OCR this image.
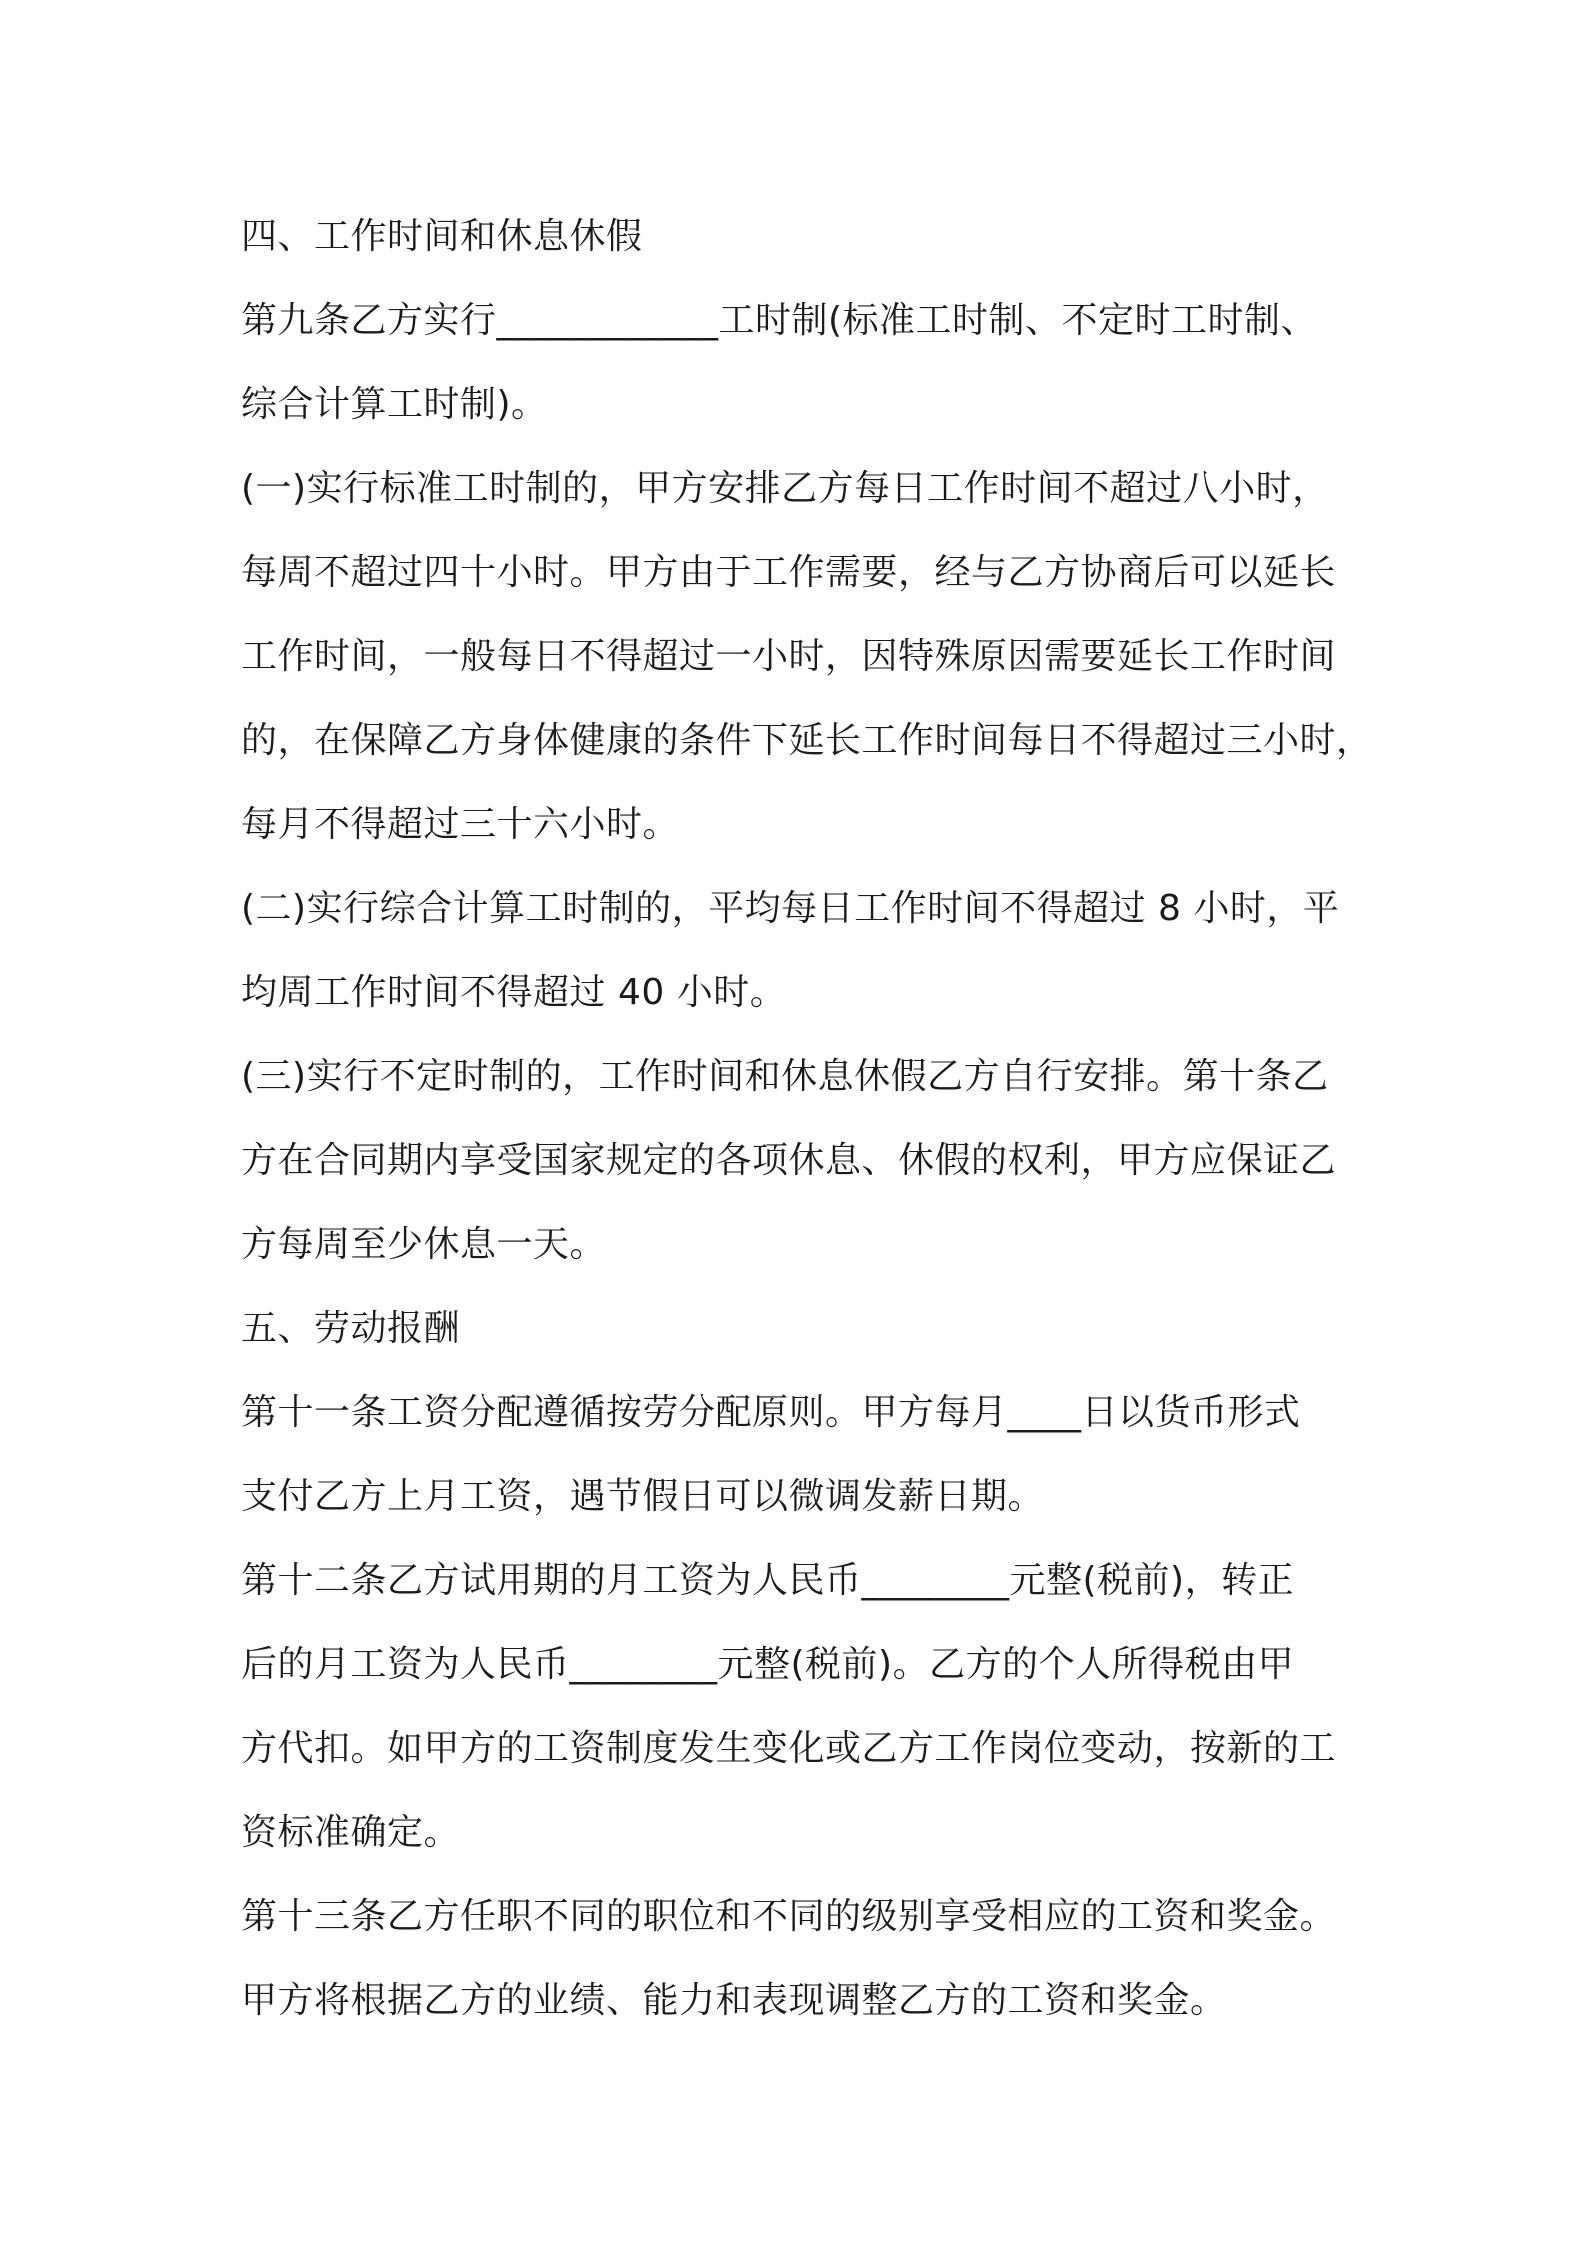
四、工作时间和休息休假
第九条乙方实行____________工时制(标准工时制、不定时工时制、
综合计算工时制)。
(一)实行标准工时制的，甲方安排乙方每日工作时间不超过八小时，
每周不超过四十小时。甲方由于工作需要，经与乙方协商后可以延长
工作时间，一般每日不得超过一小时，因特殊原因需要延长工作时间
的，在保障乙方身体健康的条件下延长工作时间每日不得超过三小时，
每月不得超过三十六小时。
(二)实行综合计算工时制的，平均每日工作时间不得超过 8 小时，平
均周工作时间不得超过 40 小时。
(三)实行不定时制的，工作时间和休息休假乙方自行安排。第十条乙
方在合同期内享受国家规定的各项休息、休假的权利，甲方应保证乙
方每周至少休息一天。
五、劳动报酬
第十一条工资分配遵循按劳分配原则。甲方每月____日以货币形式
支付乙方上月工资，遇节假日可以微调发薪日期。
第十二条乙方试用期的月工资为人民币________元整(税前)，转正
后的月工资为人民币________元整(税前)。乙方的个人所得税由甲
方代扣。如甲方的工资制度发生变化或乙方工作岗位变动，按新的工
资标准确定。
第十三条乙方任职不同的职位和不同的级别享受相应的工资和奖金。
甲方将根据乙方的业绩、能力和表现调整乙方的工资和奖金。
